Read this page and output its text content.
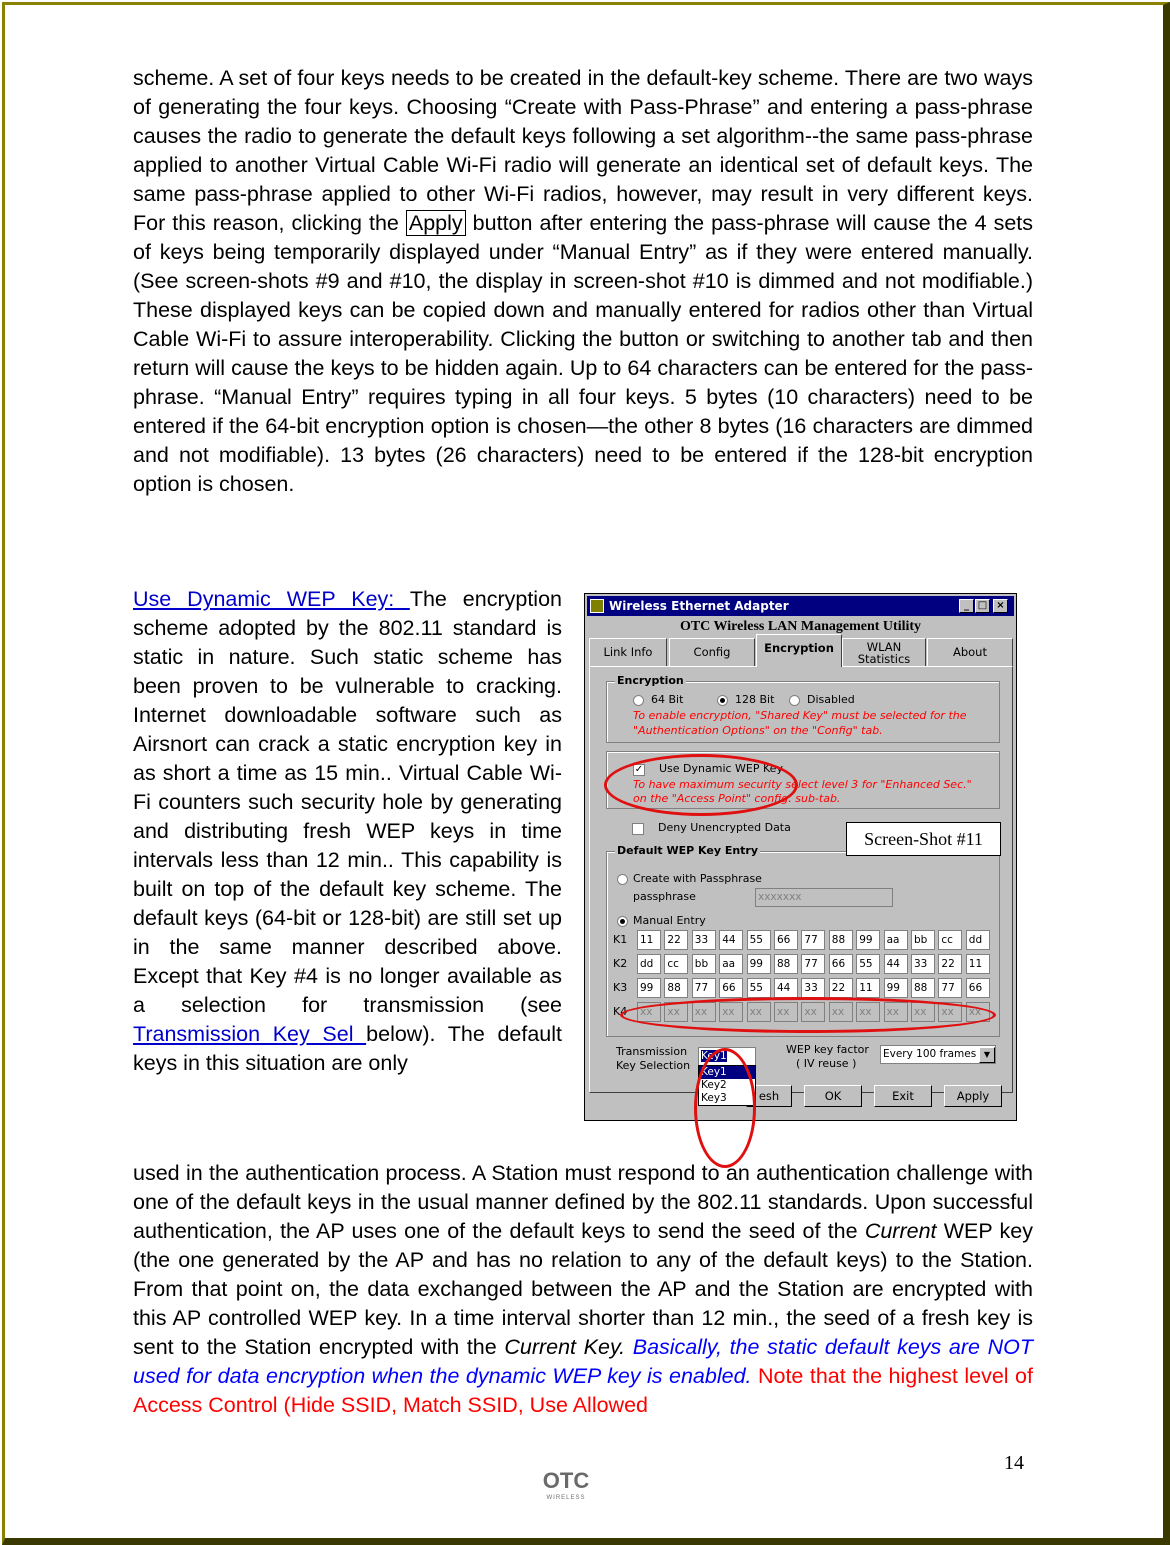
scheme. A set of four keys needs to be created in the default-key scheme. There are two ways of generating the four keys. Choosing “Create with Pass-Phrase” and entering a pass-phrase causes the radio to generate the default keys following a set algorithm--the same pass-phrase applied to another Virtual Cable Wi-Fi radio will generate an identical set of default keys. The same pass-phrase applied to other Wi-Fi radios, however, may result in very different keys. For this reason, clicking the Apply button after entering the pass-phrase will cause the 4 sets of keys being temporarily displayed under “Manual Entry” as if they were entered manually. (See screen-shots #9 and #10, the display in screen-shot #10 is dimmed and not modifiable.) These displayed keys can be copied down and manually entered for radios other than Virtual Cable Wi-Fi to assure interoperability. Clicking the button or switching to another tab and then return will cause the keys to be hidden again. Up to 64 characters can be entered for the pass-phrase. “Manual Entry” requires typing in all four keys. 5 bytes (10 characters) need to be entered if the 64-bit encryption option is chosen—the other 8 bytes (16 characters are dimmed and not modifiable). 13 bytes (26 characters) need to be entered if the 128-bit encryption option is chosen.

Use Dynamic WEP Key: The encryption scheme adopted by the 802.11 standard is static in nature. Such static scheme has been proven to be vulnerable to cracking. Internet downloadable software such as Airsnort can crack a static encryption key in as short a time as 15 min.. Virtual Cable Wi-Fi counters such security hole by generating and distributing fresh WEP keys in time intervals less than 12 min.. This capability is built on top of the default key scheme. The default keys (64-bit or 128-bit) are still set up in the same manner described above. Except that Key #4 is no longer available as a selection for transmission (see Transmission Key Sel below). The default keys in this situation are only

used in the authentication process. A Station must respond to an authentication challenge with one of the default keys in the usual manner defined by the 802.11 standards. Upon successful authentication, the AP uses one of the default keys to send the seed of the Current WEP key (the one generated by the AP and has no relation to any of the default keys) to the Station. From that point on, the data exchanged between the AP and the Station are encrypted with this AP controlled WEP key. In a time interval shorter than 12 min., the seed of a fresh key is sent to the Station encrypted with the Current Key. Basically, the static default keys are NOT used for data encryption when the dynamic WEP key is enabled. Note that the highest level of Access Control (Hide SSID, Match SSID, Use Allowed

Wireless Ethernet Adapter	_ □ ×
OTC Wireless LAN Management Utility
Link Info	Config	Encryption	WLAN
Statistics	About
Encryption
64 Bit	128 Bit	Disabled
To enable encryption, "Shared Key" must be selected for the
"Authentication Options" on the "Config" tab.
✓ Use Dynamic WEP Key
To have maximum security select level 3 for "Enhanced Sec."
on the "Access Point" config. sub-tab.
Deny Unencrypted Data
Default WEP Key Entry
Create with Passphrase
passphrase	xxxxxxx
Manual Entry
K1 11	22	33	44	55	66	77	88	99	aa	bb	cc	dd
K2 dd	cc	bb	aa	99	88	77	66	55	44	33	22	11
K3 99	88	77	66	55	44	33	22	11	99	88	77	66
K4 xx	xx	xx	xx	xx	xx	xx	xx	xx	xx	xx	xx	xx
Transmission
Key Selection
Key1	WEP key factor
( IV reuse )
Every 100 frames ▼
esh	OK	Exit	Apply
Key1
Key2
Key3
Screen-Shot #11
14
OTC
WIRELESS
